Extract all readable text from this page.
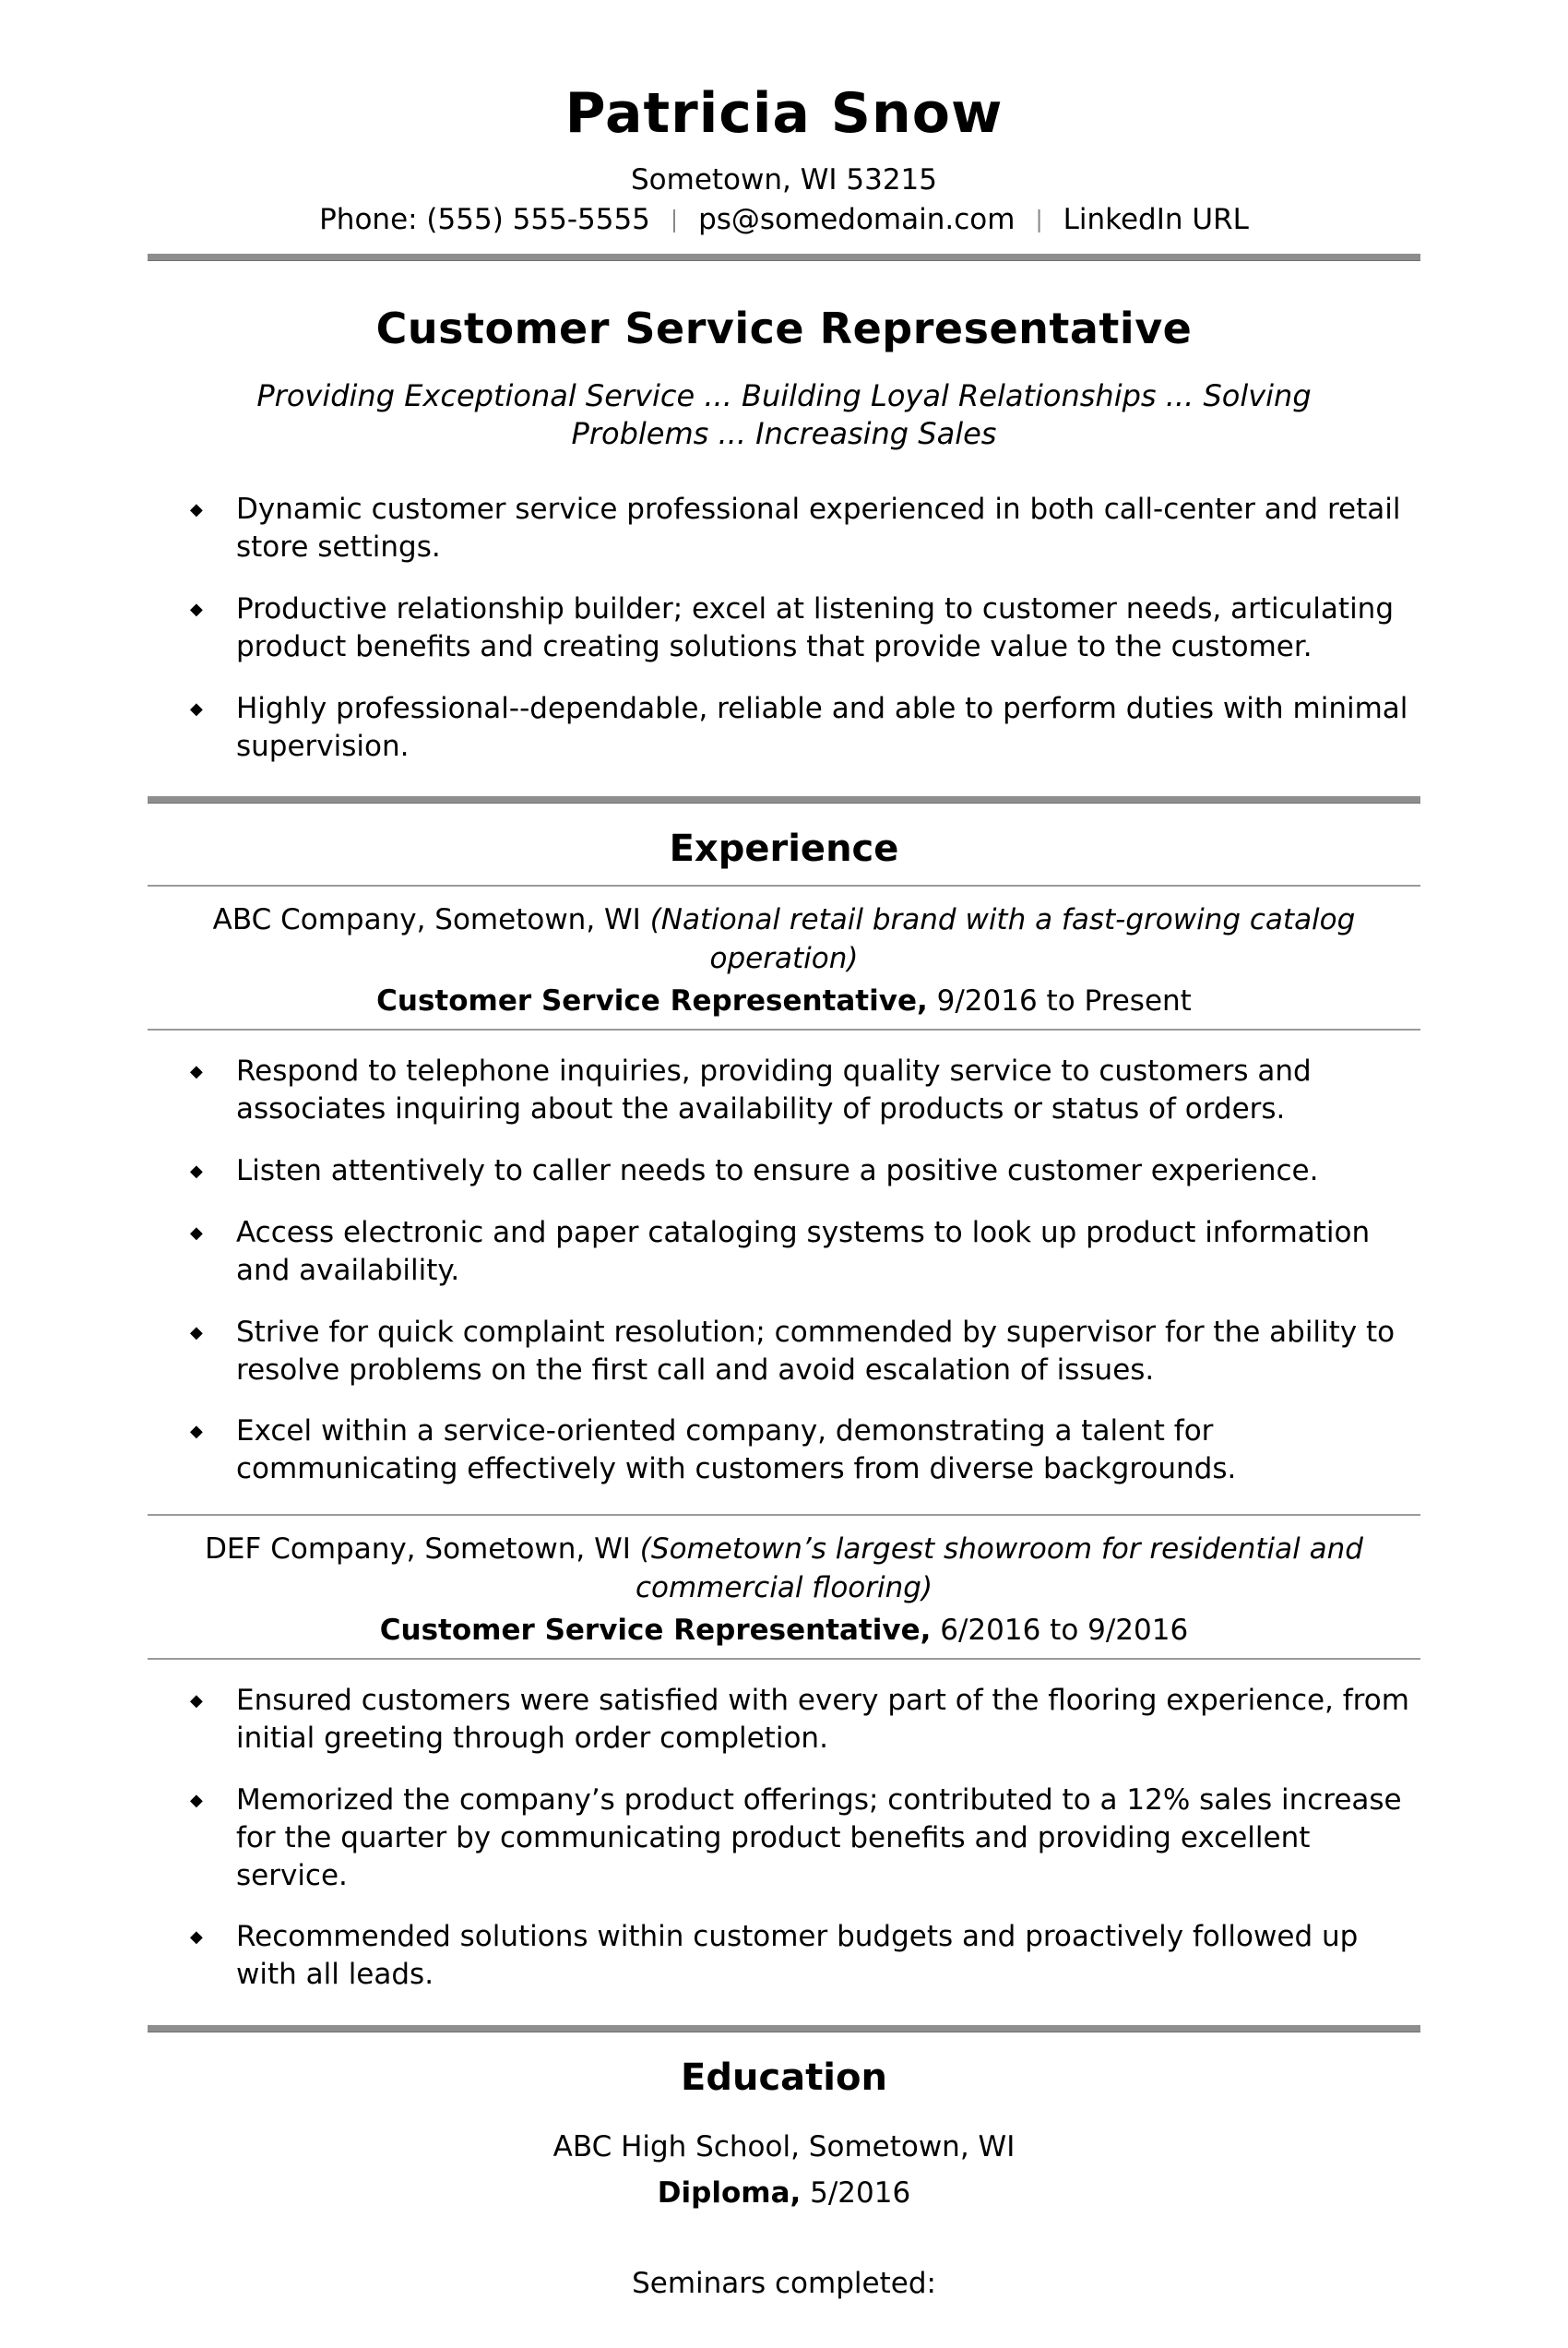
Patricia Snow

Sometown, WI 53215

Phone: (555) 555-5555 | ps@somedomain.com | LinkedIn URL

Customer Service Representative

Providing Exceptional Service ... Building Loyal Relationships ... Solving Problems ... Increasing Sales

◆	Dynamic customer service professional experienced in both call-center and retail store settings.
◆	Productive relationship builder; excel at listening to customer needs, articulating product benefits and creating solutions that provide value to the customer.
◆	Highly professional--dependable, reliable and able to perform duties with minimal supervision.
Experience

ABC Company, Sometown, WI (National retail brand with a fast-growing catalog operation)

Customer Service Representative, 9/2016 to Present

◆	Respond to telephone inquiries, providing quality service to customers and associates inquiring about the availability of products or status of orders.
◆	Listen attentively to caller needs to ensure a positive customer experience.
◆	Access electronic and paper cataloging systems to look up product information and availability.
◆	Strive for quick complaint resolution; commended by supervisor for the ability to resolve problems on the first call and avoid escalation of issues.
◆	Excel within a service-oriented company, demonstrating a talent for communicating effectively with customers from diverse backgrounds.

DEF Company, Sometown, WI (Sometown’s largest showroom for residential and commercial flooring)

Customer Service Representative, 6/2016 to 9/2016

◆	Ensured customers were satisfied with every part of the flooring experience, from initial greeting through order completion.
◆	Memorized the company’s product offerings; contributed to a 12% sales increase for the quarter by communicating product benefits and providing excellent service.
◆	Recommended solutions within customer budgets and proactively followed up with all leads.
Education

ABC High School, Sometown, WI

Diploma, 5/2016

Seminars completed:
